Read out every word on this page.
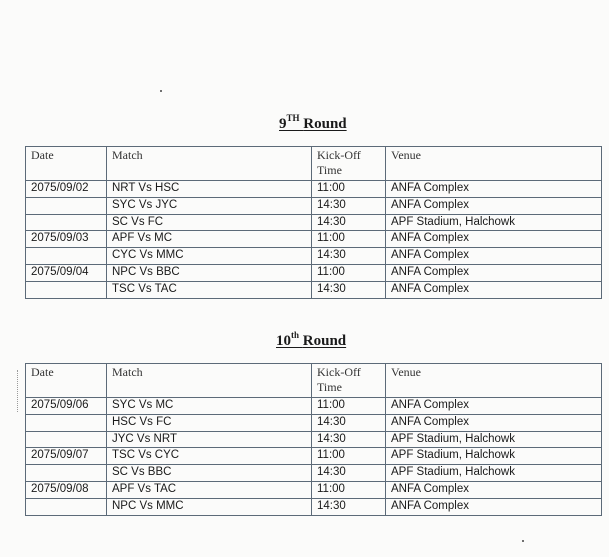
9TH Round
Date	Match	Kick-Off Time	Venue
2075/09/02	NRT Vs HSC	11:00	ANFA Complex
	SYC Vs JYC	14:30	ANFA Complex
	SC Vs FC	14:30	APF Stadium, Halchowk
2075/09/03	APF Vs MC	11:00	ANFA Complex
	CYC Vs MMC	14:30	ANFA Complex
2075/09/04	NPC Vs BBC	11:00	ANFA Complex
	TSC Vs TAC	14:30	ANFA Complex
10th Round
Date	Match	Kick-Off Time	Venue
2075/09/06	SYC Vs MC	11:00	ANFA Complex
	HSC Vs FC	14:30	ANFA Complex
	JYC Vs NRT	14:30	APF Stadium, Halchowk
2075/09/07	TSC Vs CYC	11:00	APF Stadium, Halchowk
	SC Vs BBC	14:30	APF Stadium, Halchowk
2075/09/08	APF Vs TAC	11:00	ANFA Complex
	NPC Vs MMC	14:30	ANFA Complex
